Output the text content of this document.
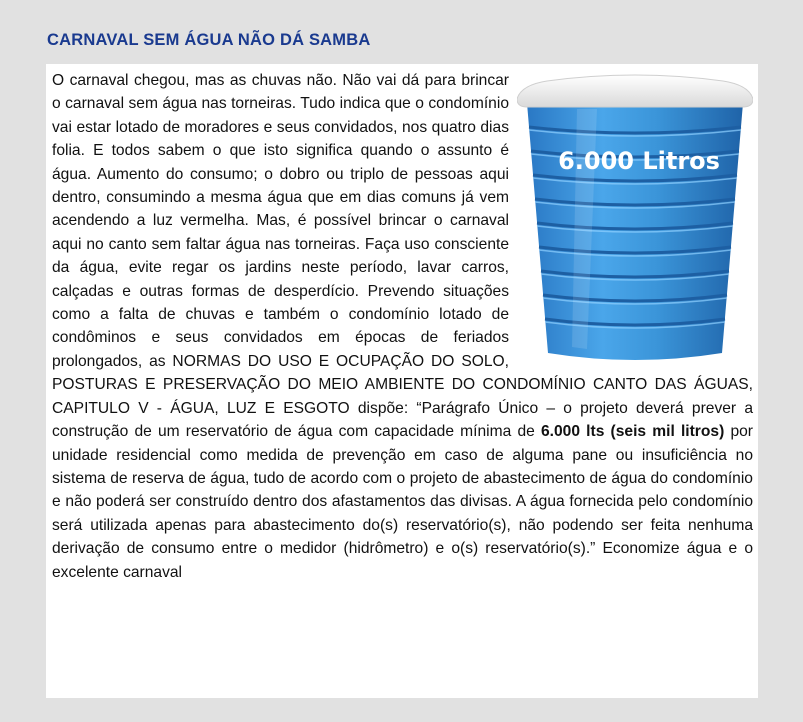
CARNAVAL SEM ÁGUA NÃO DÁ SAMBA
6.000 Litros
O carnaval chegou, mas as chuvas não. Não vai dá para brincar o carnaval sem água nas torneiras. Tudo indica que o condomínio vai estar lotado de moradores e seus convidados, nos quatro dias folia. E todos sabem o que isto significa quando o assunto é água. Aumento do consumo; o dobro ou triplo de pessoas aqui dentro, consumindo a mesma água que em dias comuns já vem acendendo a luz vermelha. Mas, é possível brincar o carnaval aqui no canto sem faltar água nas torneiras. Faça uso consciente da água, evite regar os jardins neste período, lavar carros, calçadas e outras formas de desperdício. Prevendo situações como a falta de chuvas e também o condomínio lotado de condôminos e seus convidados em épocas de feriados prolongados, as NORMAS DO USO E OCUPAÇÃO DO SOLO, POSTURAS E PRESERVAÇÃO DO MEIO AMBIENTE DO CONDOMÍNIO CANTO DAS ÁGUAS, CAPITULO V - ÁGUA, LUZ E ESGOTO dispõe: “Parágrafo Único – o projeto deverá prever a construção de um reservatório de água com capacidade mínima de 6.000 lts (seis mil litros) por unidade residencial como medida de prevenção em caso de alguma pane ou insuficiência no sistema de reserva de água, tudo de acordo com o projeto de abastecimento de água do condomínio e não poderá ser construído dentro dos afastamentos das divisas. A água fornecida pelo condomínio será utilizada apenas para abastecimento do(s) reservatório(s), não podendo ser feita nenhuma derivação de consumo entre o medidor (hidrômetro) e o(s) reservatório(s).” Economize água e o excelente carnaval
